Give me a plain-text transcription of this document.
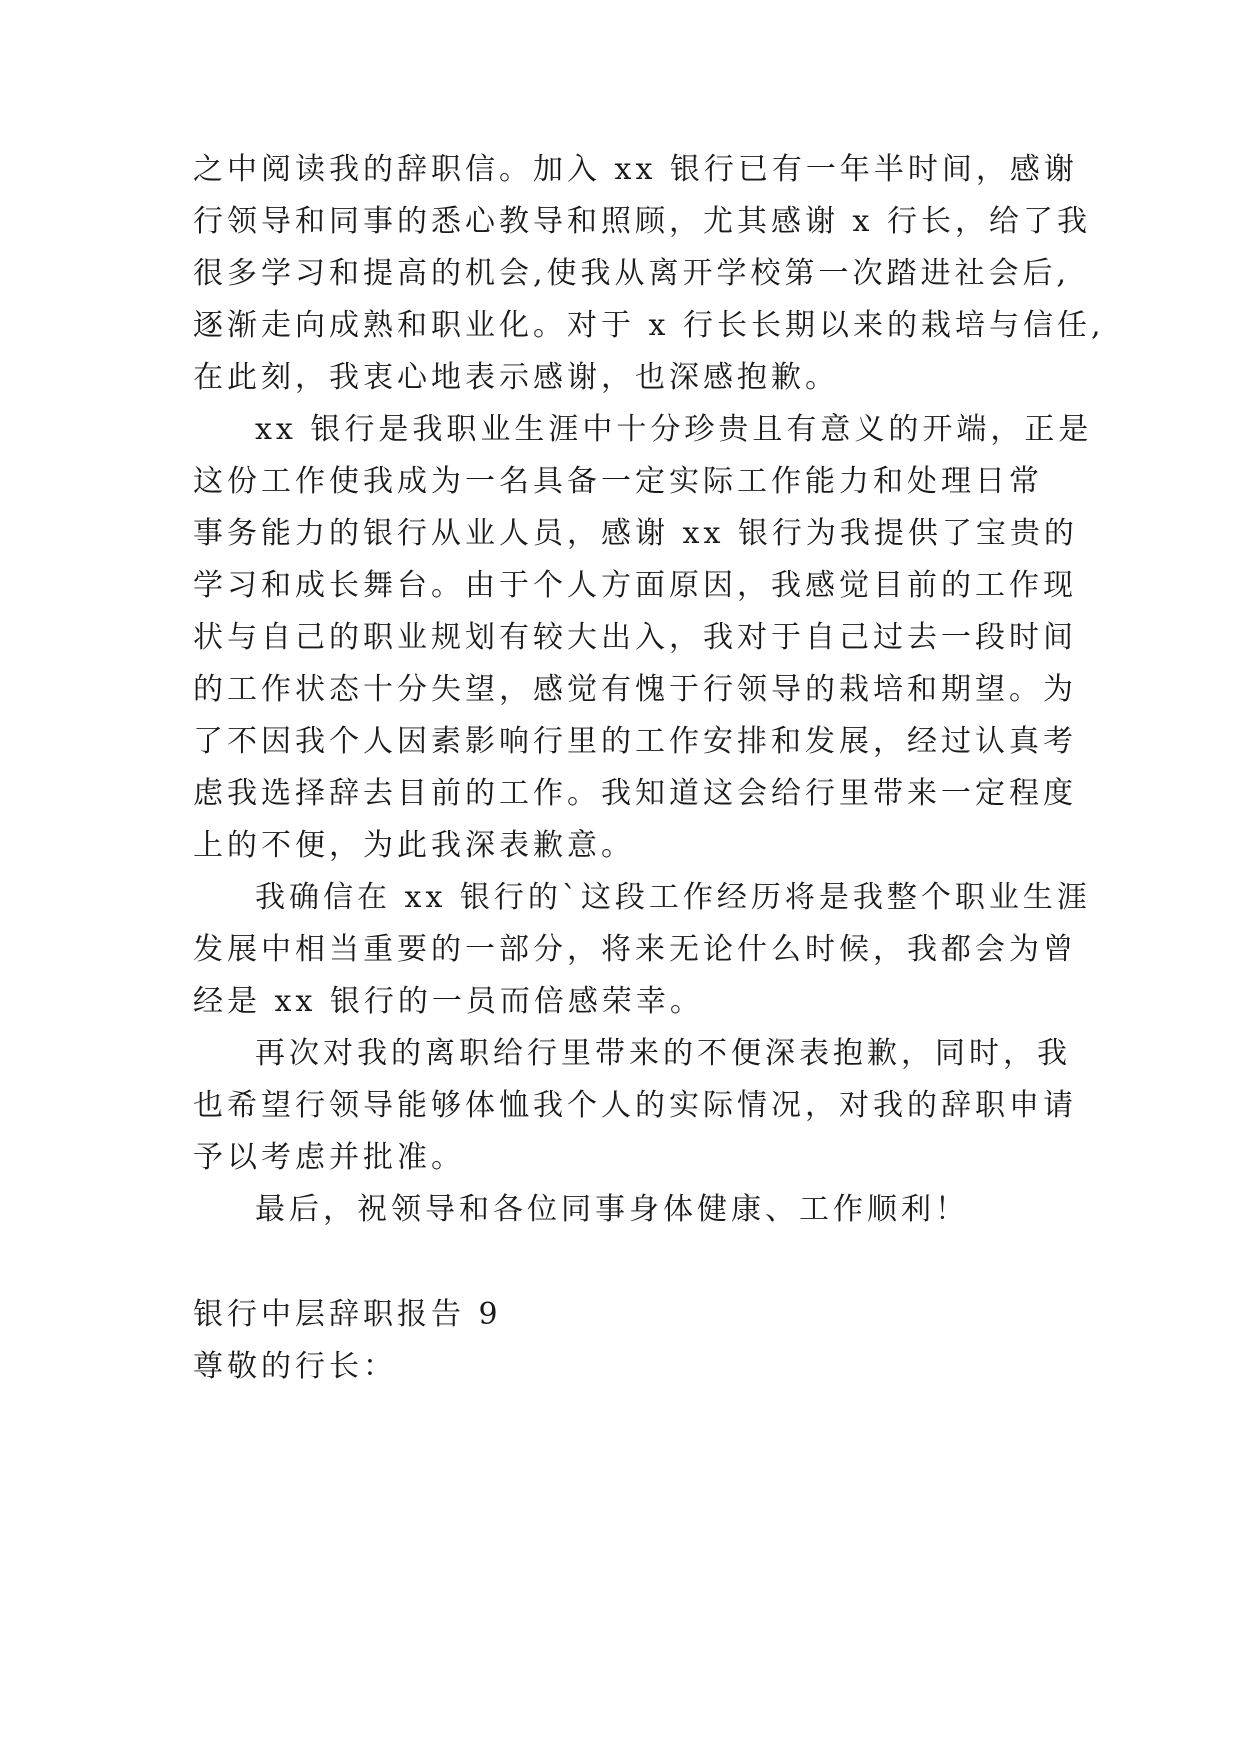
之中阅读我的辞职信。加入 xx 银行已有一年半时间，感谢
行领导和同事的悉心教导和照顾，尤其感谢 x 行长，给了我
很多学习和提高的机会,使我从离开学校第一次踏进社会后,
逐渐走向成熟和职业化。对于 x 行长长期以来的栽培与信任,
在此刻，我衷心地表示感谢，也深感抱歉。
xx 银行是我职业生涯中十分珍贵且有意义的开端，正是
这份工作使我成为一名具备一定实际工作能力和处理日常
事务能力的银行从业人员，感谢 xx 银行为我提供了宝贵的
学习和成长舞台。由于个人方面原因，我感觉目前的工作现
状与自己的职业规划有较大出入，我对于自己过去一段时间
的工作状态十分失望，感觉有愧于行领导的栽培和期望。为
了不因我个人因素影响行里的工作安排和发展，经过认真考
虑我选择辞去目前的工作。我知道这会给行里带来一定程度
上的不便，为此我深表歉意。
我确信在 xx 银行的`这段工作经历将是我整个职业生涯
发展中相当重要的一部分，将来无论什么时候，我都会为曾
经是 xx 银行的一员而倍感荣幸。
再次对我的离职给行里带来的不便深表抱歉，同时，我
也希望行领导能够体恤我个人的实际情况，对我的辞职申请
予以考虑并批准。
最后，祝领导和各位同事身体健康、工作顺利！
银行中层辞职报告 9
尊敬的行长：
